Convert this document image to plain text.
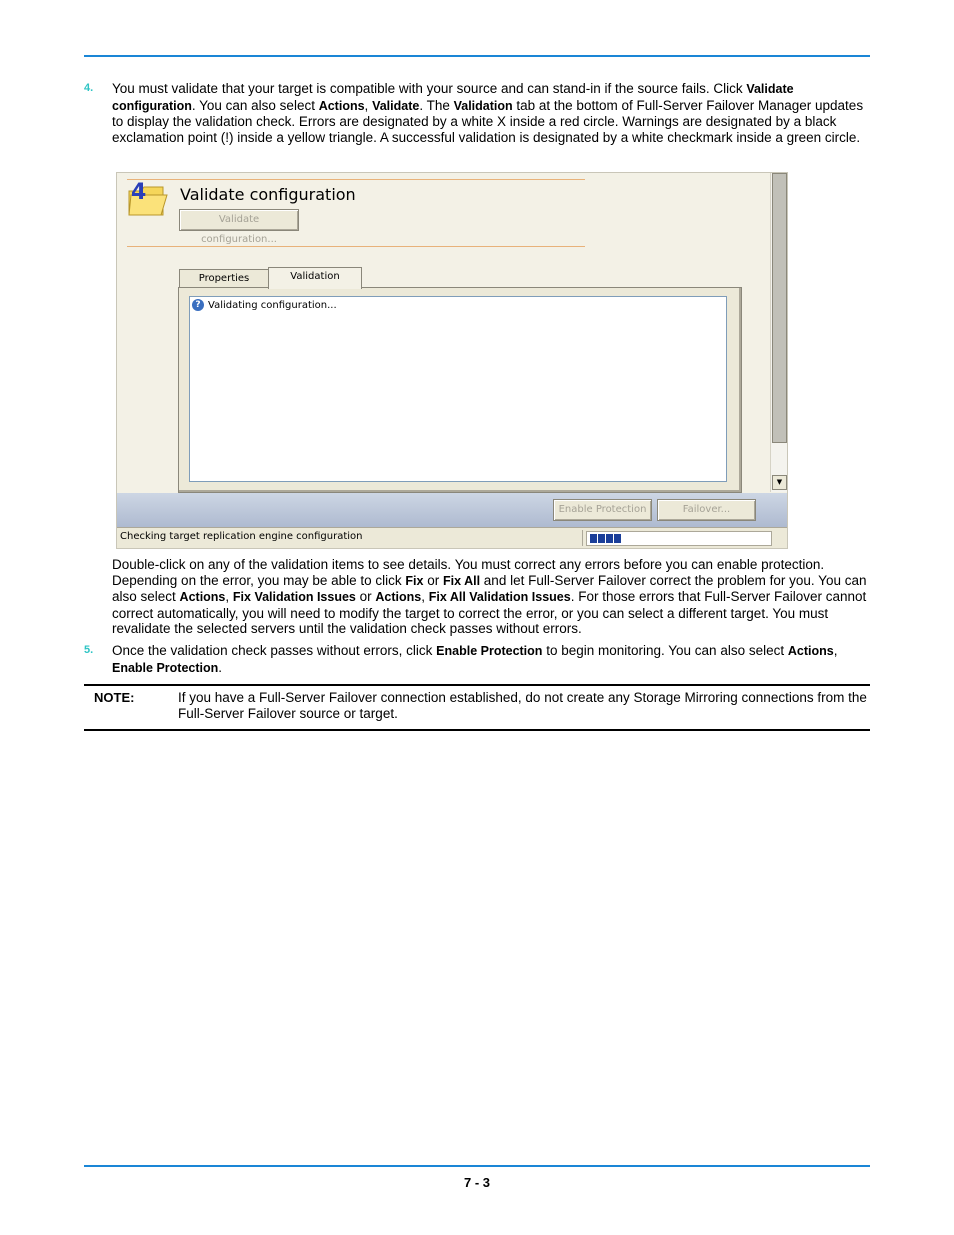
4. You must validate that your target is compatible with your source and can stand-in if the source fails. Click Validate configuration. You can also select Actions, Validate. The Validation tab at the bottom of Full-Server Failover Manager updates to display the validation check. Errors are designated by a white X inside a red circle. Warnings are designated by a black exclamation point (!) inside a yellow triangle. A successful validation is designated by a white checkmark inside a green circle.
4 Validate configuration
Validate configuration...
Properties	Validation
? Validating configuration...
▼
Enable Protection	Failover...
Checking target replication engine configuration
Double-click on any of the validation items to see details. You must correct any errors before you can enable protection. Depending on the error, you may be able to click Fix or Fix All and let Full-Server Failover correct the problem for you. You can also select Actions, Fix Validation Issues or Actions, Fix All Validation Issues. For those errors that Full-Server Failover cannot correct automatically, you will need to modify the target to correct the error, or you can select a different target. You must revalidate the selected servers until the validation check passes without errors.
5. Once the validation check passes without errors, click Enable Protection to begin monitoring. You can also select Actions, Enable Protection.
NOTE:	If you have a Full-Server Failover connection established, do not create any Storage Mirroring connections from the Full-Server Failover source or target.
7 - 3
